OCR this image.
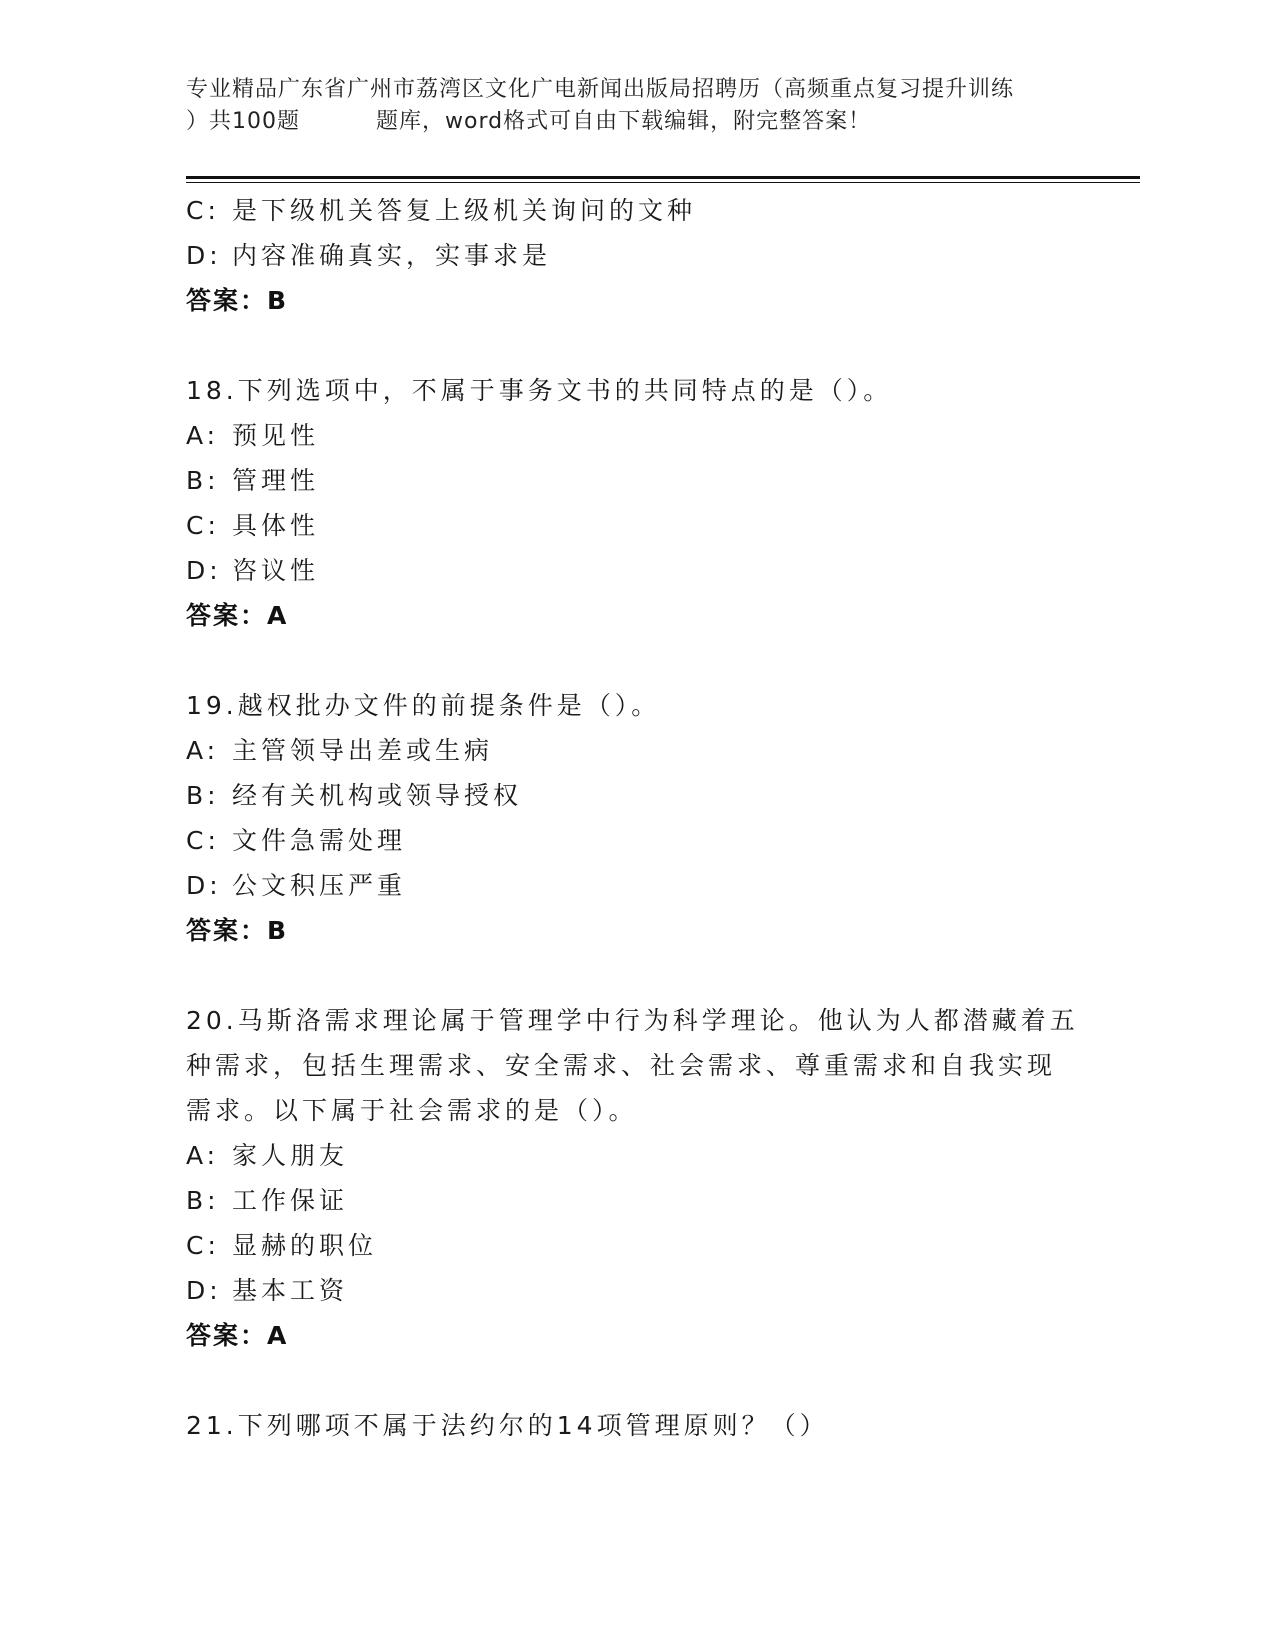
专业精品广东省广州市荔湾区文化广电新闻出版局招聘历（高频重点复习提升训练
）共100题	题库，word格式可自由下载编辑，附完整答案！
C: 是下级机关答复上级机关询问的文种
D: 内容准确真实，实事求是
答案：B
18.下列选项中，不属于事务文书的共同特点的是（）。
A: 预见性
B: 管理性
C: 具体性
D: 咨议性
答案：A
19.越权批办文件的前提条件是（）。
A: 主管领导出差或生病
B: 经有关机构或领导授权
C: 文件急需处理
D: 公文积压严重
答案：B
20.马斯洛需求理论属于管理学中行为科学理论。他认为人都潜藏着五
种需求，包括生理需求、安全需求、社会需求、尊重需求和自我实现
需求。以下属于社会需求的是（）。
A: 家人朋友
B: 工作保证
C: 显赫的职位
D: 基本工资
答案：A
21.下列哪项不属于法约尔的14项管理原则？（）
